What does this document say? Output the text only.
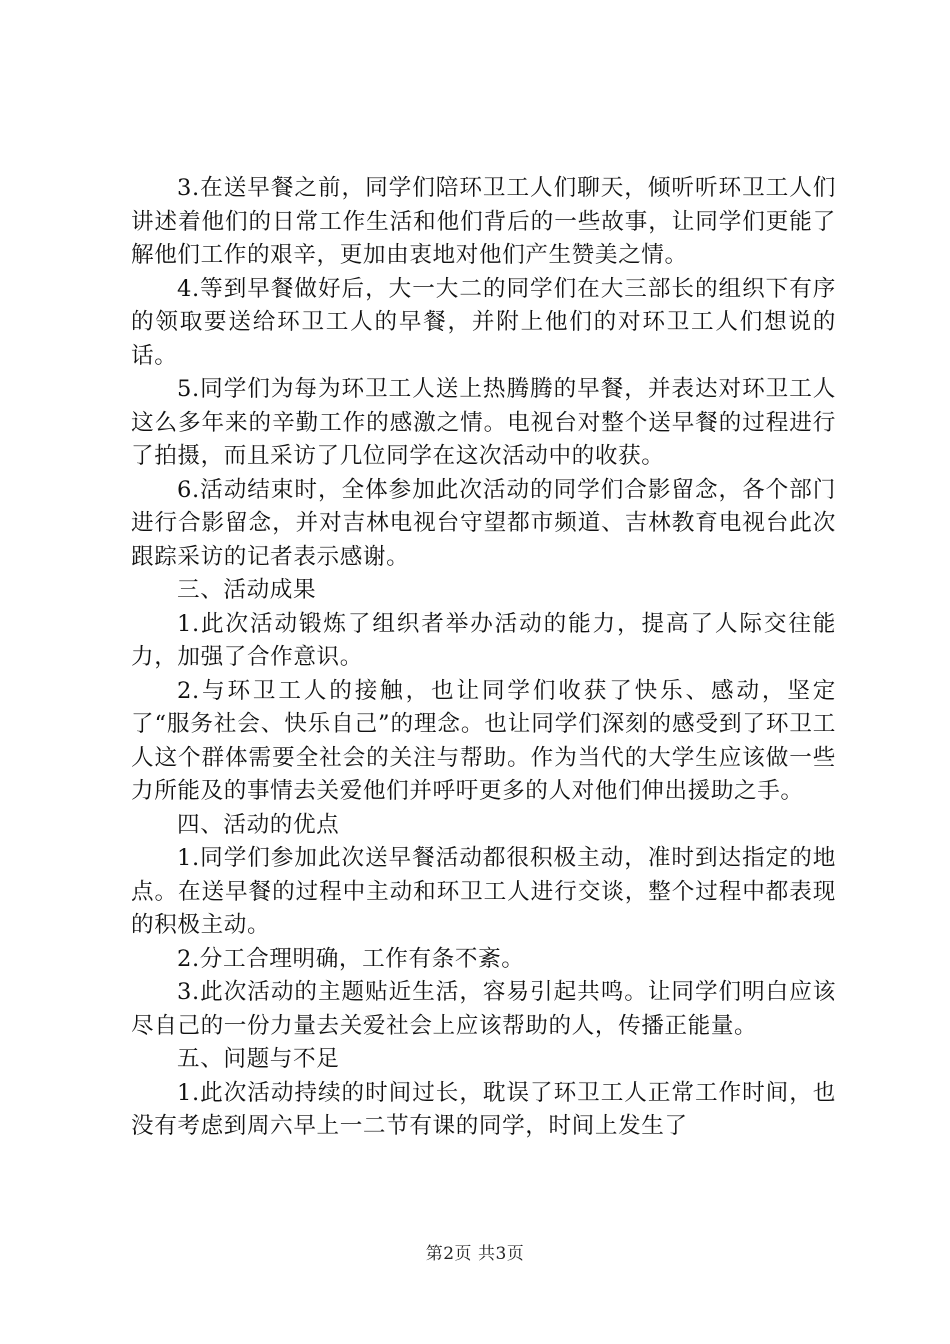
3.在送早餐之前，同学们陪环卫工人们聊天，倾听听环卫工人们讲述着他们的日常工作生活和他们背后的一些故事，让同学们更能了解他们工作的艰辛，更加由衷地对他们产生赞美之情。

4.等到早餐做好后，大一大二的同学们在大三部长的组织下有序的领取要送给环卫工人的早餐，并附上他们的对环卫工人们想说的话。

5.同学们为每为环卫工人送上热腾腾的早餐，并表达对环卫工人这么多年来的辛勤工作的感激之情。电视台对整个送早餐的过程进行了拍摄，而且采访了几位同学在这次活动中的收获。

6.活动结束时，全体参加此次活动的同学们合影留念，各个部门进行合影留念，并对吉林电视台守望都市频道、吉林教育电视台此次跟踪采访的记者表示感谢。

三、活动成果

1.此次活动锻炼了组织者举办活动的能力，提高了人际交往能力，加强了合作意识。

2.与环卫工人的接触，也让同学们收获了快乐、感动，坚定了“服务社会、快乐自己”的理念。也让同学们深刻的感受到了环卫工人这个群体需要全社会的关注与帮助。作为当代的大学生应该做一些力所能及的事情去关爱他们并呼吁更多的人对他们伸出援助之手。

四、活动的优点

1.同学们参加此次送早餐活动都很积极主动，准时到达指定的地点。在送早餐的过程中主动和环卫工人进行交谈，整个过程中都表现的积极主动。

2.分工合理明确，工作有条不紊。

3.此次活动的主题贴近生活，容易引起共鸣。让同学们明白应该尽自己的一份力量去关爱社会上应该帮助的人，传播正能量。

五、问题与不足

1.此次活动持续的时间过长，耽误了环卫工人正常工作时间，也没有考虑到周六早上一二节有课的同学，时间上发生了

第2页 共3页
